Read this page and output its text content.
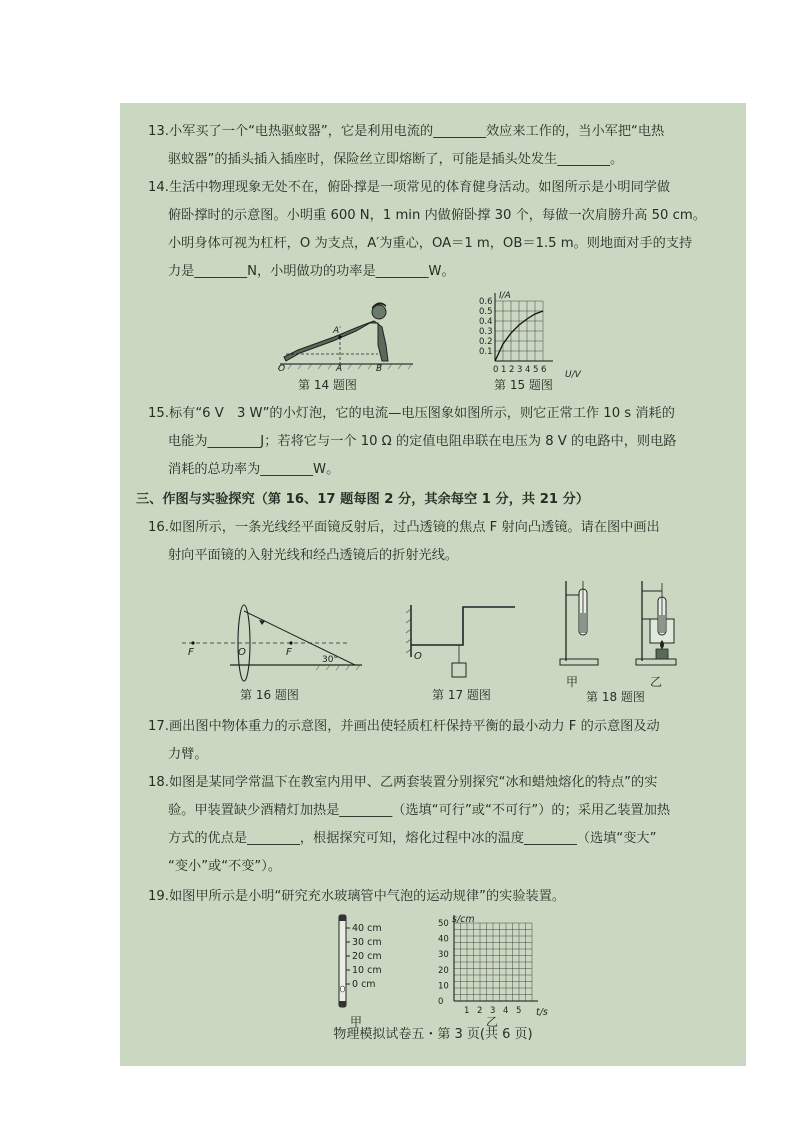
13.小军买了一个“电热驱蚊器”，它是利用电流的________效应来工作的，当小军把“电热
驱蚊器”的插头插入插座时，保险丝立即熔断了，可能是插头处发生________。
14.生活中物理现象无处不在，俯卧撑是一项常见的体育健身活动。如图所示是小明同学做
俯卧撑时的示意图。小明重 600 N，1 min 内做俯卧撑 30 个，每做一次肩膀升高 50 cm。
小明身体可视为杠杆，O 为支点，A′为重心，OA＝1 m，OB＝1.5 m。则地面对手的支持
力是________N，小明做功的功率是________W。
A′
O	A	B
第 14 题图
I/A
U/V
0.6
0.5
0.4
0.3
0.2
0.1
0 1 2 3 4 5 6
第 15 题图
15.标有“6 V　3 W”的小灯泡，它的电流—电压图象如图所示，则它正常工作 10 s 消耗的
电能为________J；若将它与一个 10 Ω 的定值电阻串联在电压为 8 V 的电路中，则电路
消耗的总功率为________W。
三、作图与实验探究（第 16、17 题每图 2 分，其余每空 1 分，共 21 分）
16.如图所示，一条光线经平面镜反射后，过凸透镜的焦点 F 射向凸透镜。请在图中画出
射向平面镜的入射光线和经凸透镜后的折射光线。
F	O	F
30°
第 16 题图
O
第 17 题图
甲	乙
第 18 题图
17.画出图中物体重力的示意图，并画出使轻质杠杆保持平衡的最小动力 F 的示意图及动
力臂。
18.如图是某同学常温下在教室内用甲、乙两套装置分别探究“冰和蜡烛熔化的特点”的实
验。甲装置缺少酒精灯加热是________（选填“可行”或“不可行”）的；采用乙装置加热
方式的优点是________，根据探究可知，熔化过程中冰的温度________（选填“变大”
“变小”或“不变”）。
19.如图甲所示是小明“研究充水玻璃管中气泡的运动规律”的实验装置。
40 cm
30 cm
20 cm
10 cm
0 cm
甲
s/cm
t/s
50
40
30
20
10
0
1 2 3 4 5
乙
物理模拟试卷五・第 3 页(共 6 页)
